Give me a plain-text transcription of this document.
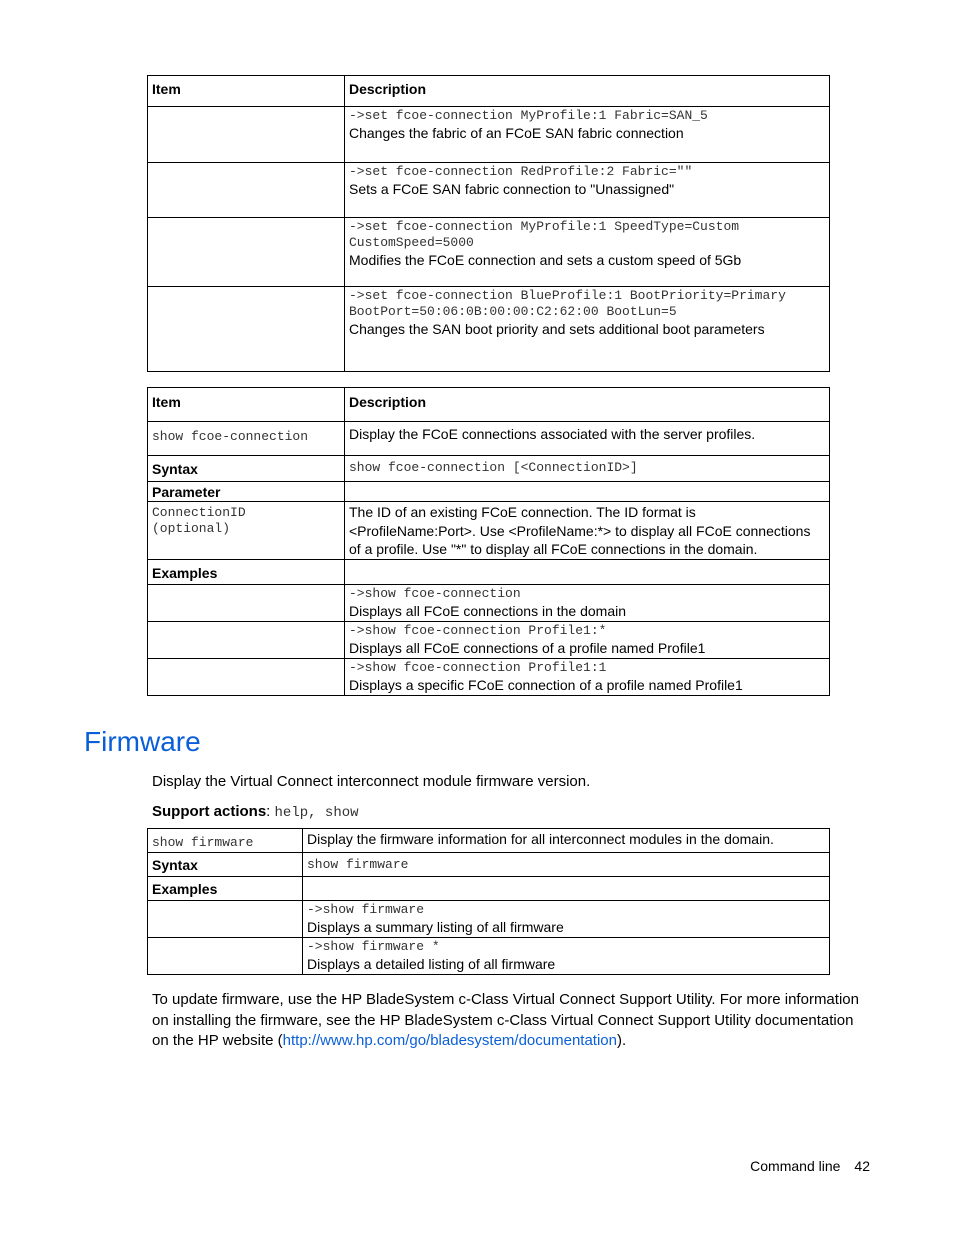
Item	Description

	->set fcoe-connection MyProfile:1 Fabric=SAN_5
Changes the fabric of an FCoE SAN fabric connection

	->set fcoe-connection RedProfile:2 Fabric=""
Sets a FCoE SAN fabric connection to "Unassigned"

	->set fcoe-connection MyProfile:1 SpeedType=Custom
CustomSpeed=5000
Modifies the FCoE connection and sets a custom speed of 5Gb

	->set fcoe-connection BlueProfile:1 BootPriority=Primary
BootPort=50:06:0B:00:00:C2:62:00 BootLun=5
Changes the SAN boot priority and sets additional boot parameters
Item	Description
show fcoe-connection	Display the FCoE connections associated with the server profiles.
Syntax	show fcoe-connection [<ConnectionID>]
Parameter	

ConnectionID
(optional)	The ID of an existing FCoE connection. The ID format is <ProfileName:Port>. Use <ProfileName:*> to display all FCoE connections of a profile. Use "*" to display all FCoE connections in the domain.
Examples	

	->show fcoe-connection
Displays all FCoE connections in the domain

	->show fcoe-connection Profile1:*
Displays all FCoE connections of a profile named Profile1

	->show fcoe-connection Profile1:1
Displays a specific FCoE connection of a profile named Profile1
Firmware

Display the Virtual Connect interconnect module firmware version.

Support actions: help, show

show firmware	Display the firmware information for all interconnect modules in the domain.
Syntax	show firmware
Examples	

	->show firmware
Displays a summary listing of all firmware

	->show firmware *
Displays a detailed listing of all firmware

To update firmware, use the HP BladeSystem c-Class Virtual Connect Support Utility. For more information on installing the firmware, see the HP BladeSystem c-Class Virtual Connect Support Utility documentation on the HP website (http://www.hp.com/go/bladesystem/documentation).

Command line 42
